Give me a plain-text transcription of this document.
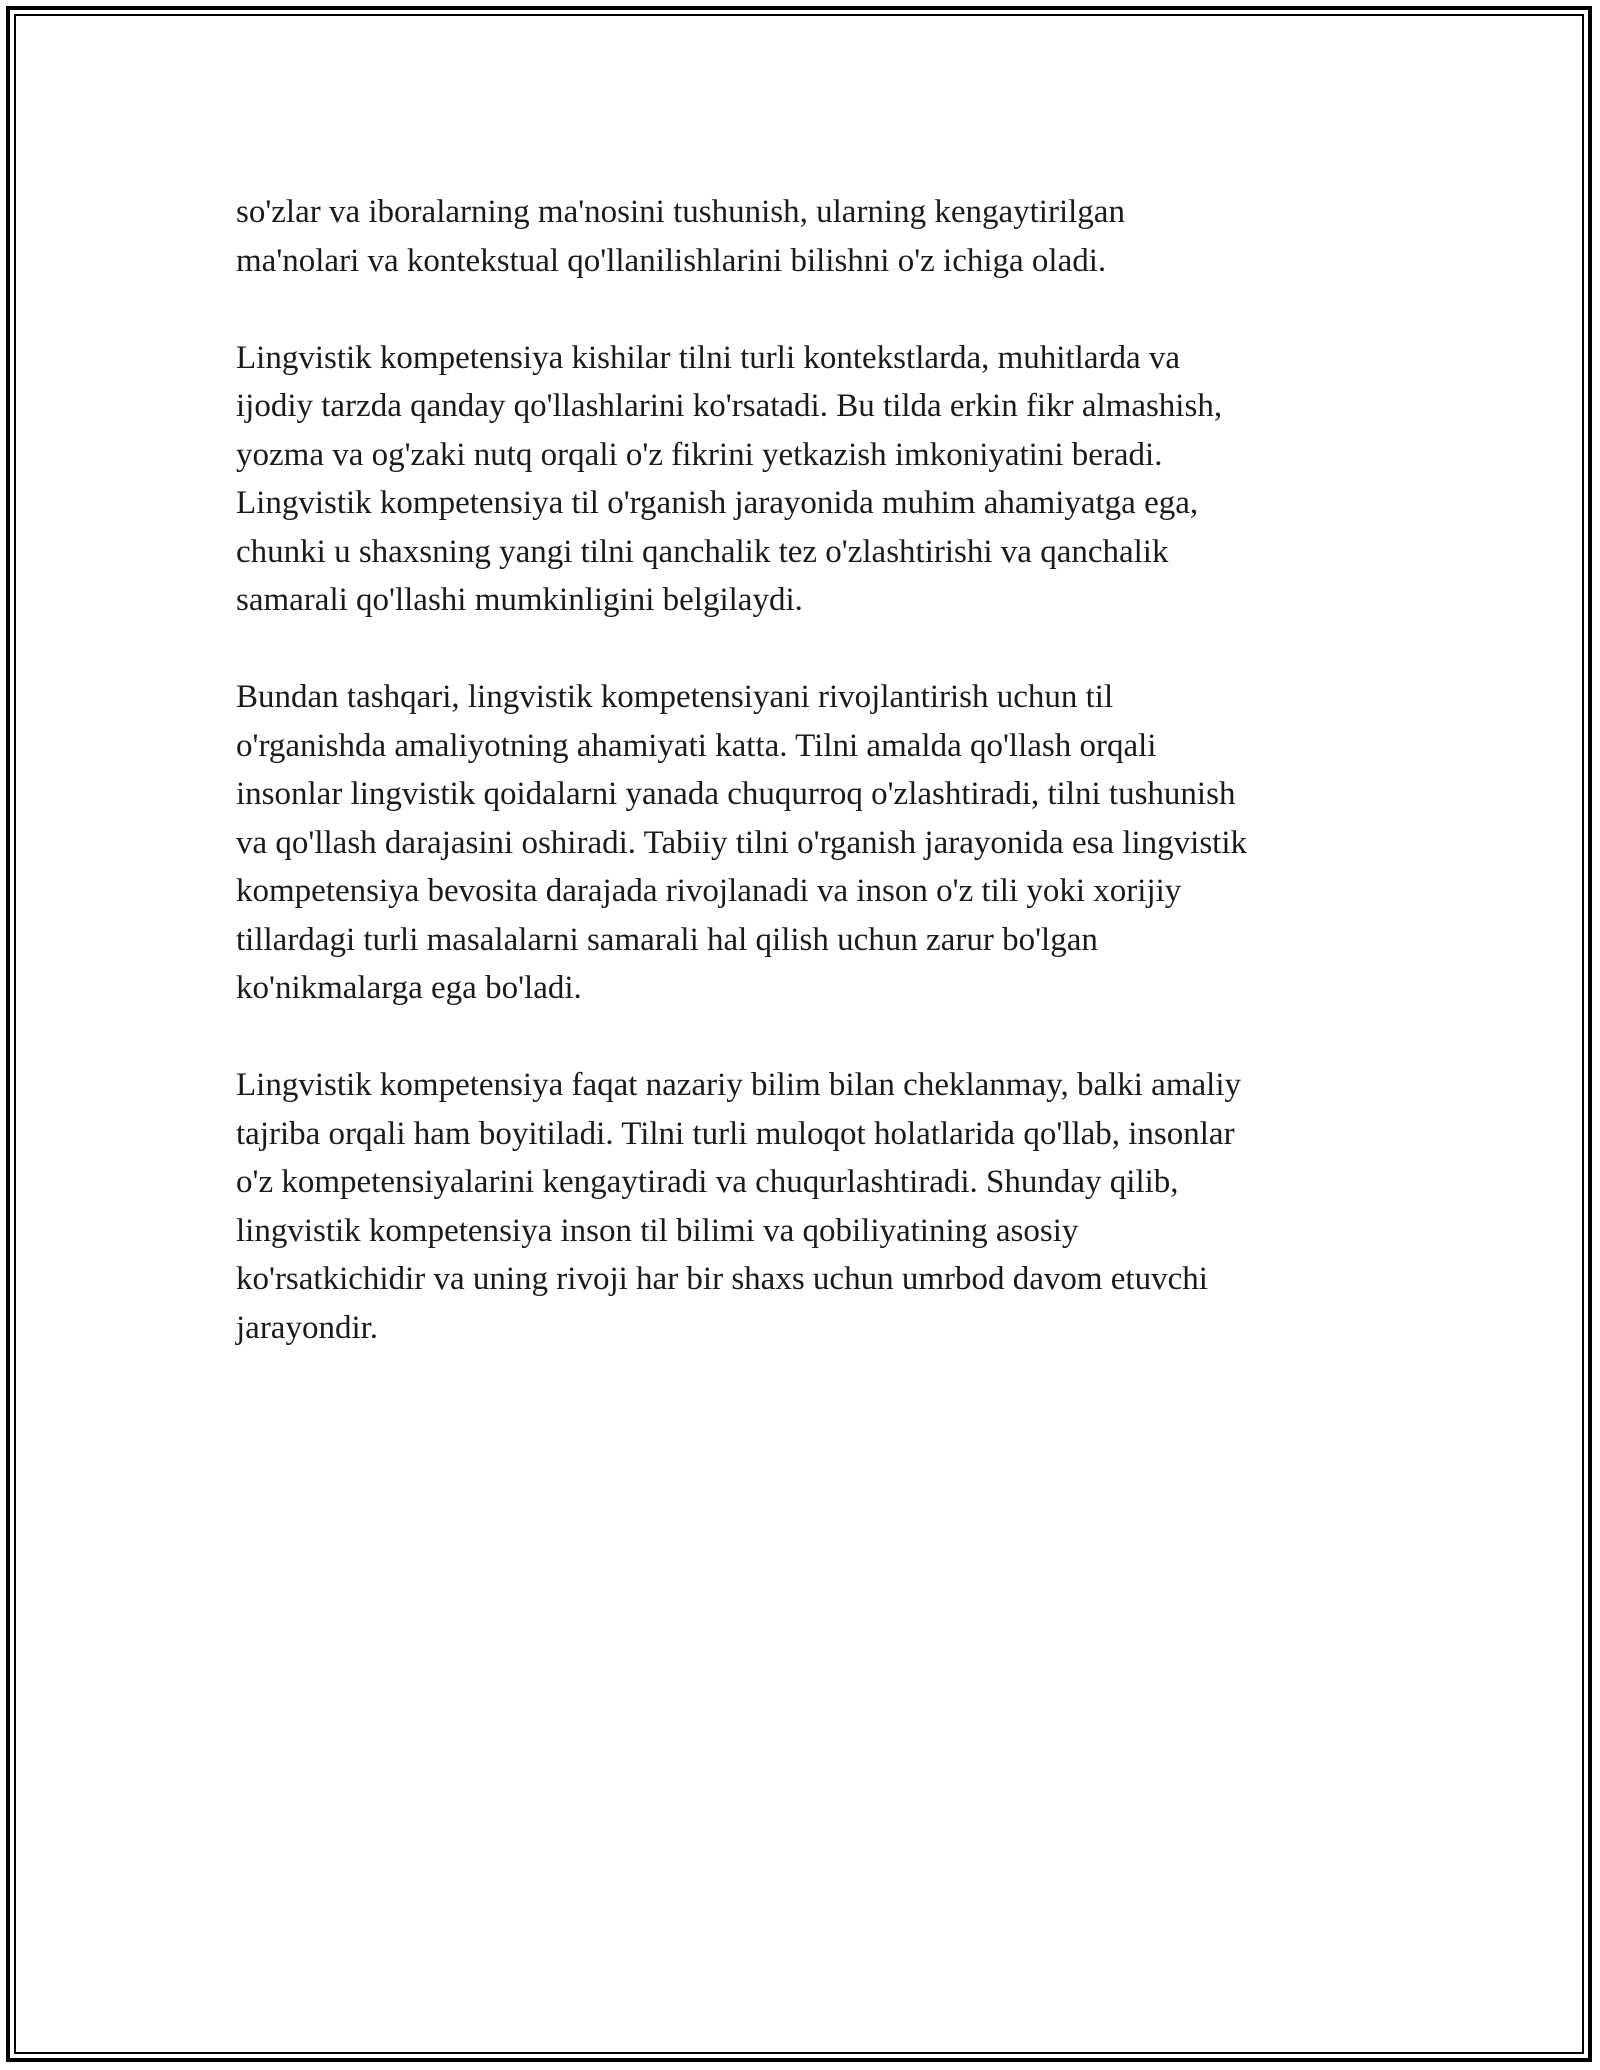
so'zlar va iboralarning ma'nosini tushunish, ularning kengaytirilgan
ma'nolari va kontekstual qo'llanilishlarini bilishni o'z ichiga oladi.
Lingvistik kompetensiya kishilar tilni turli kontekstlarda, muhitlarda va
ijodiy tarzda qanday qo'llashlarini ko'rsatadi. Bu tilda erkin fikr almashish,
yozma va og'zaki nutq orqali o'z fikrini yetkazish imkoniyatini beradi.
Lingvistik kompetensiya til o'rganish jarayonida muhim ahamiyatga ega,
chunki u shaxsning yangi tilni qanchalik tez o'zlashtirishi va qanchalik
samarali qo'llashi mumkinligini belgilaydi.
Bundan tashqari, lingvistik kompetensiyani rivojlantirish uchun til
o'rganishda amaliyotning ahamiyati katta. Tilni amalda qo'llash orqali
insonlar lingvistik qoidalarni yanada chuqurroq o'zlashtiradi, tilni tushunish
va qo'llash darajasini oshiradi. Tabiiy tilni o'rganish jarayonida esa lingvistik
kompetensiya bevosita darajada rivojlanadi va inson o'z tili yoki xorijiy
tillardagi turli masalalarni samarali hal qilish uchun zarur bo'lgan
ko'nikmalarga ega bo'ladi.
Lingvistik kompetensiya faqat nazariy bilim bilan cheklanmay, balki amaliy
tajriba orqali ham boyitiladi. Tilni turli muloqot holatlarida qo'llab, insonlar
o'z kompetensiyalarini kengaytiradi va chuqurlashtiradi. Shunday qilib,
lingvistik kompetensiya inson til bilimi va qobiliyatining asosiy
ko'rsatkichidir va uning rivoji har bir shaxs uchun umrbod davom etuvchi
jarayondir.
